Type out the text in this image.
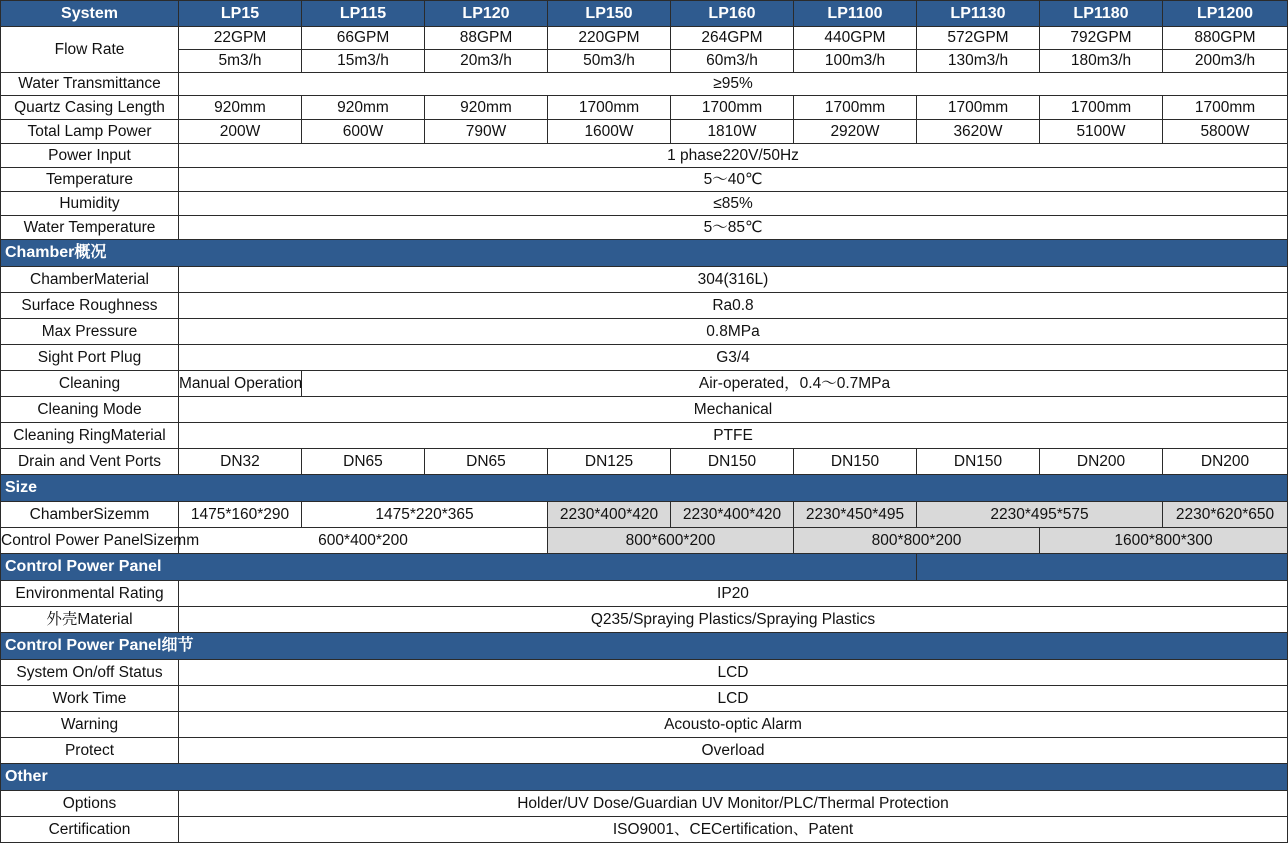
System	LP15	LP115	LP120	LP150	LP160	LP1100	LP1130	LP1180	LP1200
Flow Rate	22GPM	66GPM	88GPM	220GPM	264GPM	440GPM	572GPM	792GPM	880GPM
	5m3/h	15m3/h	20m3/h	50m3/h	60m3/h	100m3/h	130m3/h	180m3/h	200m3/h
Water Transmittance	≥95%								
Quartz Casing Length	920mm	920mm	920mm	1700mm	1700mm	1700mm	1700mm	1700mm	1700mm
Total Lamp Power	200W	600W	790W	1600W	1810W	2920W	3620W	5100W	5800W
Power Input	1 phase220V/50Hz								
Temperature	5～40℃								
Humidity	≤85%								
Water Temperature	5～85℃								
Chamber概况									
ChamberMaterial	304(316L)								
Surface Roughness	Ra0.8								
Max Pressure	0.8MPa								
Sight Port Plug	G3/4								
Cleaning	Manual Operation	Air-operated，0.4～0.7MPa							
Cleaning Mode	Mechanical								
Cleaning RingMaterial	PTFE								
Drain and Vent Ports	DN32	DN65	DN65	DN125	DN150	DN150	DN150	DN200	DN200
Size									
ChamberSizemm	1475*160*290	1475*220*365		2230*400*420	2230*400*420	2230*450*495	2230*495*575		2230*620*650
Control Power PanelSizemm	600*400*200			800*600*200		800*800*200		1600*800*300	
Control Power Panel									
Environmental Rating	IP20								
外壳Material	Q235/Spraying Plastics/Spraying Plastics								
Control Power Panel细节									
System On/off Status	LCD								
Work Time	LCD								
Warning	Acousto-optic Alarm								
Protect	Overload								
Other									
Options	Holder/UV Dose/Guardian UV Monitor/PLC/Thermal Protection								
Certification	ISO9001、CECertification、Patent								
